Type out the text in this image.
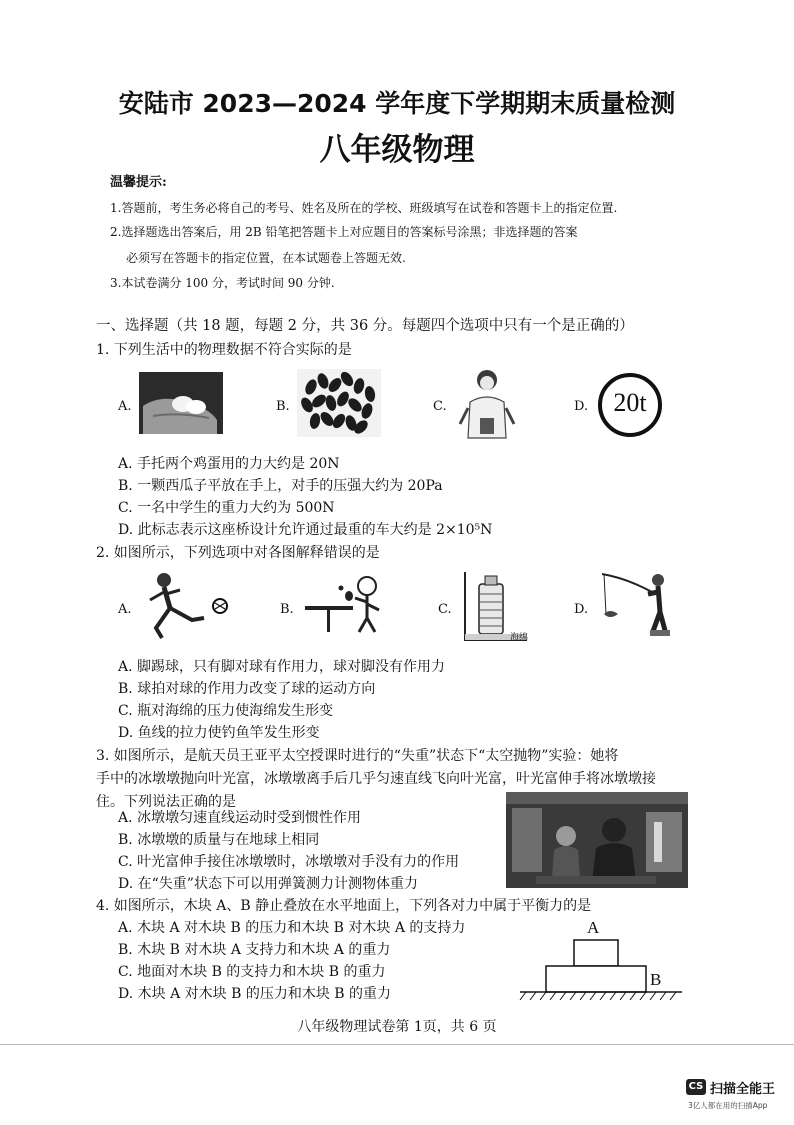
安陆市 2023—2024 学年度下学期期末质量检测
八年级物理
温馨提示:
1.答题前，考生务必将自己的考号、姓名及所在的学校、班级填写在试卷和答题卡上的指定位置.
2.选择题选出答案后，用 2B 铅笔把答题卡上对应题目的答案标号涂黑；非选择题的答案
必须写在答题卡的指定位置，在本试题卷上答题无效.
3.本试卷满分 100 分，考试时间 90 分钟.
一、选择题（共 18 题，每题 2 分，共 36 分。每题四个选项中只有一个是正确的）
1. 下列生活中的物理数据不符合实际的是
A.	B.	C.	D. 20t
A. 手托两个鸡蛋用的力大约是 20N
B. 一颗西瓜子平放在手上，对手的压强大约为 20Pa
C. 一名中学生的重力大约为 500N
D. 此标志表示这座桥设计允许通过最重的车大约是 2×10⁵N
2. 如图所示，下列选项中对各图解释错误的是
A.	B.	C.
海绵
D.
A. 脚踢球，只有脚对球有作用力，球对脚没有作用力
B. 球拍对球的作用力改变了球的运动方向
C. 瓶对海绵的压力使海绵发生形变
D. 鱼线的拉力使钓鱼竿发生形变
3. 如图所示，是航天员王亚平太空授课时进行的“失重”状态下“太空抛物”实验：她将
手中的冰墩墩抛向叶光富，冰墩墩离手后几乎匀速直线飞向叶光富，叶光富伸手将冰墩墩接
住。下列说法正确的是
A. 冰墩墩匀速直线运动时受到惯性作用
B. 冰墩墩的质量与在地球上相同
C. 叶光富伸手接住冰墩墩时，冰墩墩对手没有力的作用
D. 在“失重”状态下可以用弹簧测力计测物体重力
4. 如图所示，木块 A、B 静止叠放在水平地面上，下列各对力中属于平衡力的是
A
B
A. 木块 A 对木块 B 的压力和木块 B 对木块 A 的支持力
B. 木块 B 对木块 A 支持力和木块 A 的重力
C. 地面对木块 B 的支持力和木块 B 的重力
D. 木块 A 对木块 B 的压力和木块 B 的重力
八年级物理试卷第 1页，共 6 页
CS 扫描全能王
3亿人都在用的扫描App
